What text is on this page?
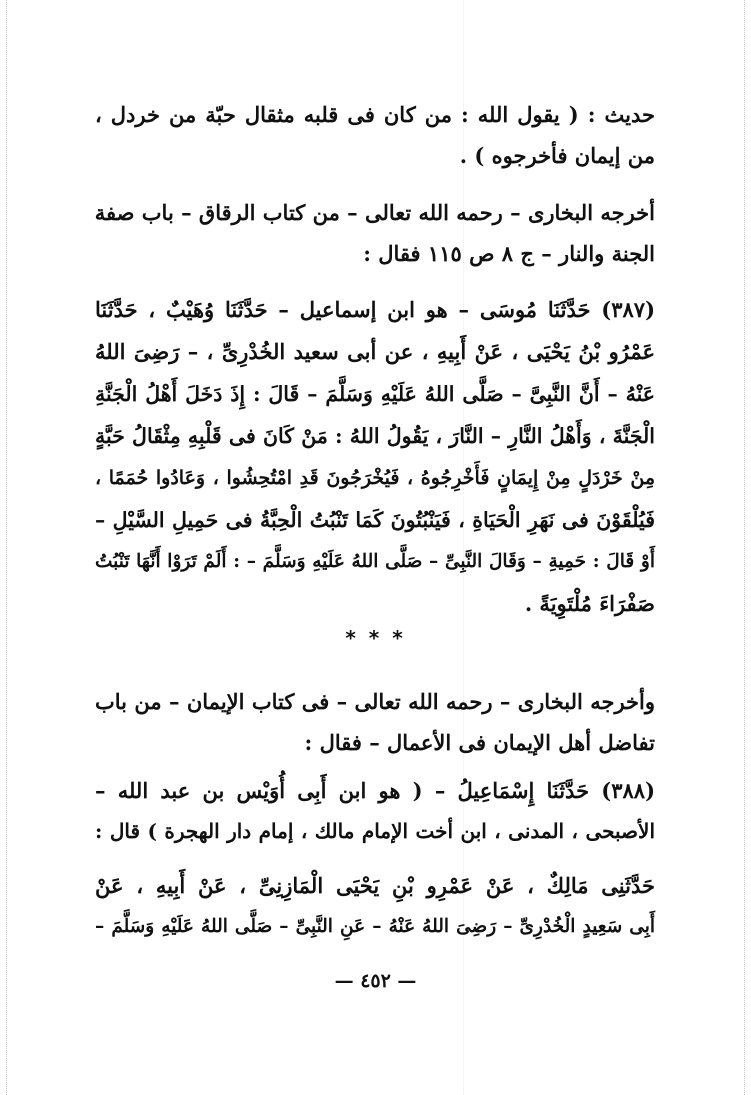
حديث : ( يقول الله : من كان فى قلبه مثقال حبّة من خردل ،
من إيمان فأخرجوه ) .
أخرجه البخارى – رحمه الله تعالى – من كتاب الرقاق – باب صفة
الجنة والنار – ج ٨ ص ١١٥ فقال :
(٣٨٧) حَدَّثَنَا مُوسَى – هو ابن إسماعيل – حَدَّثَنَا وُهَيْبٌ ، حَدَّثَنَا
عَمْرُو بْنُ يَحْيَى ، عَنْ أَبِيهِ ، عن أبى سعيد الخُدْرِىِّ ، – رَضِىَ اللهُ
عَنْهُ – أَنَّ النَّبِىَّ – صَلَّى اللهُ عَلَيْهِ وَسَلَّمَ – قَالَ : إِذَ دَخَلَ أَهْلُ الْجَنَّةِ
الْجَنَّةَ ، وَأَهْلُ النَّارِ – النَّارَ ، يَقُولُ اللهُ : مَنْ كَانَ فى قَلْبِهِ مِثْقَالُ حَبَّةٍ
مِنْ خَرْدَلٍ مِنْ إِيمَانٍ فَأَخْرِجُوهُ ، فَيُخْرَجُونَ قَدِ امْتُحِشُوا ، وَعَادُوا حُمَمًا ،
فَيُلْقَوْنَ فى نَهَرِ الْحَيَاةِ ، فَيَنْبُتُونَ كَمَا تَنْبُتُ الْحِبَّةُ فى حَمِيلِ السَّيْلِ –
أَوْ قَالَ : حَمِيةِ – وَقَالَ النَّبِىِّ – صَلَّى اللهُ عَلَيْهِ وَسَلَّمَ – : أَلَمْ تَرَوْا أَنَّهَا تَنْبُتُ
صَفْرَاءَ مُلْتَوِيَةً .
* * *
وأخرجه البخارى – رحمه الله تعالى – فى كتاب الإيمان – من باب
تفاضل أهل الإيمان فى الأعمال – فقال :
(٣٨٨) حَدَّثَنَا إِسْمَاعِيلُ – ( هو ابن أَبِى أُوَيْس بن عبد الله –
الأصبحى ، المدنى ، ابن أخت الإمام مالك ، إمام دار الهجرة ) قال :
حَدَّثَنِى مَالِكٌ ، عَنْ عَمْرِو بْنِ يَحْيَى الْمَازِنِىِّ ، عَنْ أَبِيهِ ، عَنْ
أَبِى سَعِيدٍ الْخُدْرِىِّ – رَضِىَ اللهُ عَنْهُ – عَنِ النَّبِىِّ – صَلَّى اللهُ عَلَيْهِ وَسَلَّمَ –
— ٤٥٢ —
